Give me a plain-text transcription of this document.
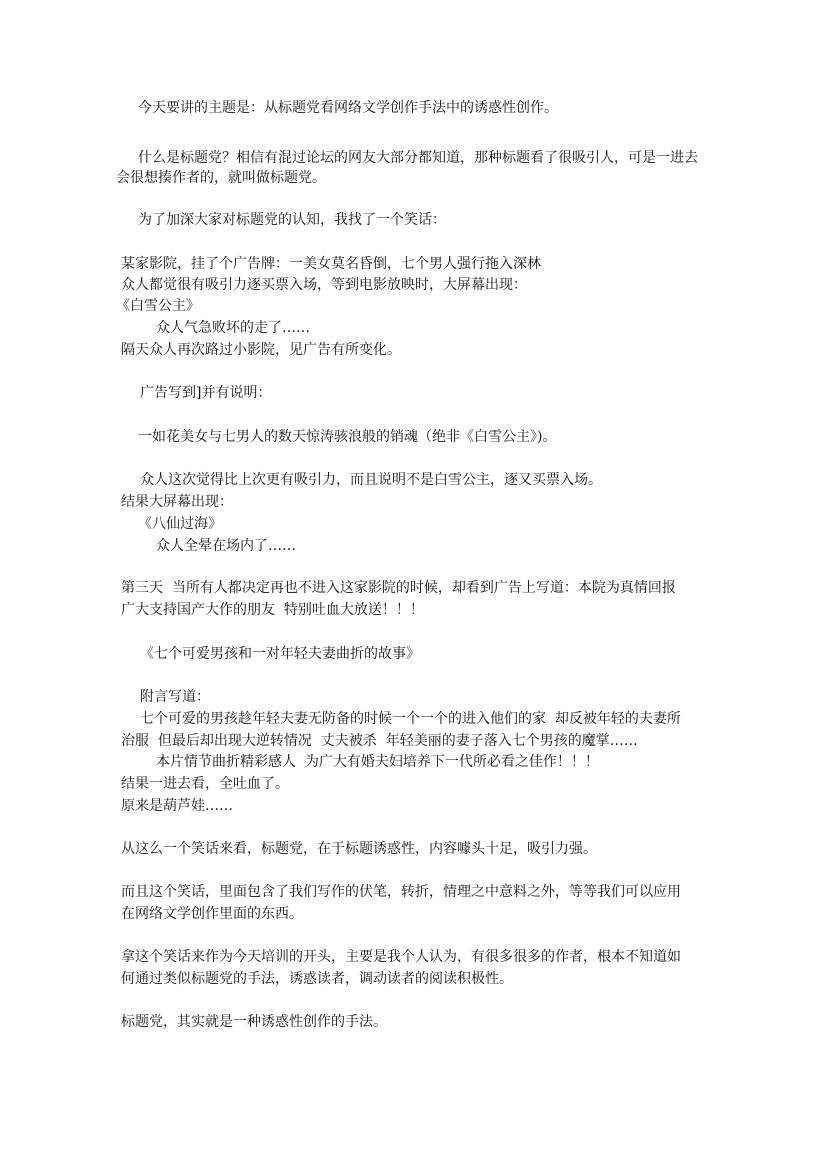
今天要讲的主题是：从标题党看网络文学创作手法中的诱惑性创作。
什么是标题党？相信有混过论坛的网友大部分都知道，那种标题看了很吸引人，可是一进去
会很想揍作者的，就叫做标题党。
为了加深大家对标题党的认知，我找了一个笑话：
某家影院，挂了个广告牌：一美女莫名昏倒，七个男人强行拖入深林
众人都觉很有吸引力逐买票入场，等到电影放映时，大屏幕出现：
《白雪公主》
众人气急败坏的走了……
隔天众人再次路过小影院，见广告有所变化。
广告写到]并有说明：
一如花美女与七男人的数天惊涛骇浪般的销魂（绝非《白雪公主》)。
众人这次觉得比上次更有吸引力，而且说明不是白雪公主，逐又买票入场。
结果大屏幕出现：
《八仙过海》
众人全晕在场内了……
第三天  当所有人都决定再也不进入这家影院的时候，却看到广告上写道：本院为真情回报
广大支持国产大作的朋友  特别吐血大放送！！！
《七个可爱男孩和一对年轻夫妻曲折的故事》
附言写道：
七个可爱的男孩趁年轻夫妻无防备的时候一个一个的进入他们的家  却反被年轻的夫妻所
治服  但最后却出现大逆转情况  丈夫被杀  年轻美丽的妻子落入七个男孩的魔掌……
本片情节曲折精彩感人  为广大有婚夫妇培养下一代所必看之佳作！！！
结果一进去看，全吐血了。
原来是葫芦娃……
从这么一个笑话来看，标题党，在于标题诱惑性，内容噱头十足，吸引力强。
而且这个笑话，里面包含了我们写作的伏笔，转折，情理之中意料之外，等等我们可以应用
在网络文学创作里面的东西。
拿这个笑话来作为今天培训的开头，主要是我个人认为，有很多很多的作者，根本不知道如
何通过类似标题党的手法，诱惑读者，调动读者的阅读积极性。
标题党，其实就是一种诱惑性创作的手法。
